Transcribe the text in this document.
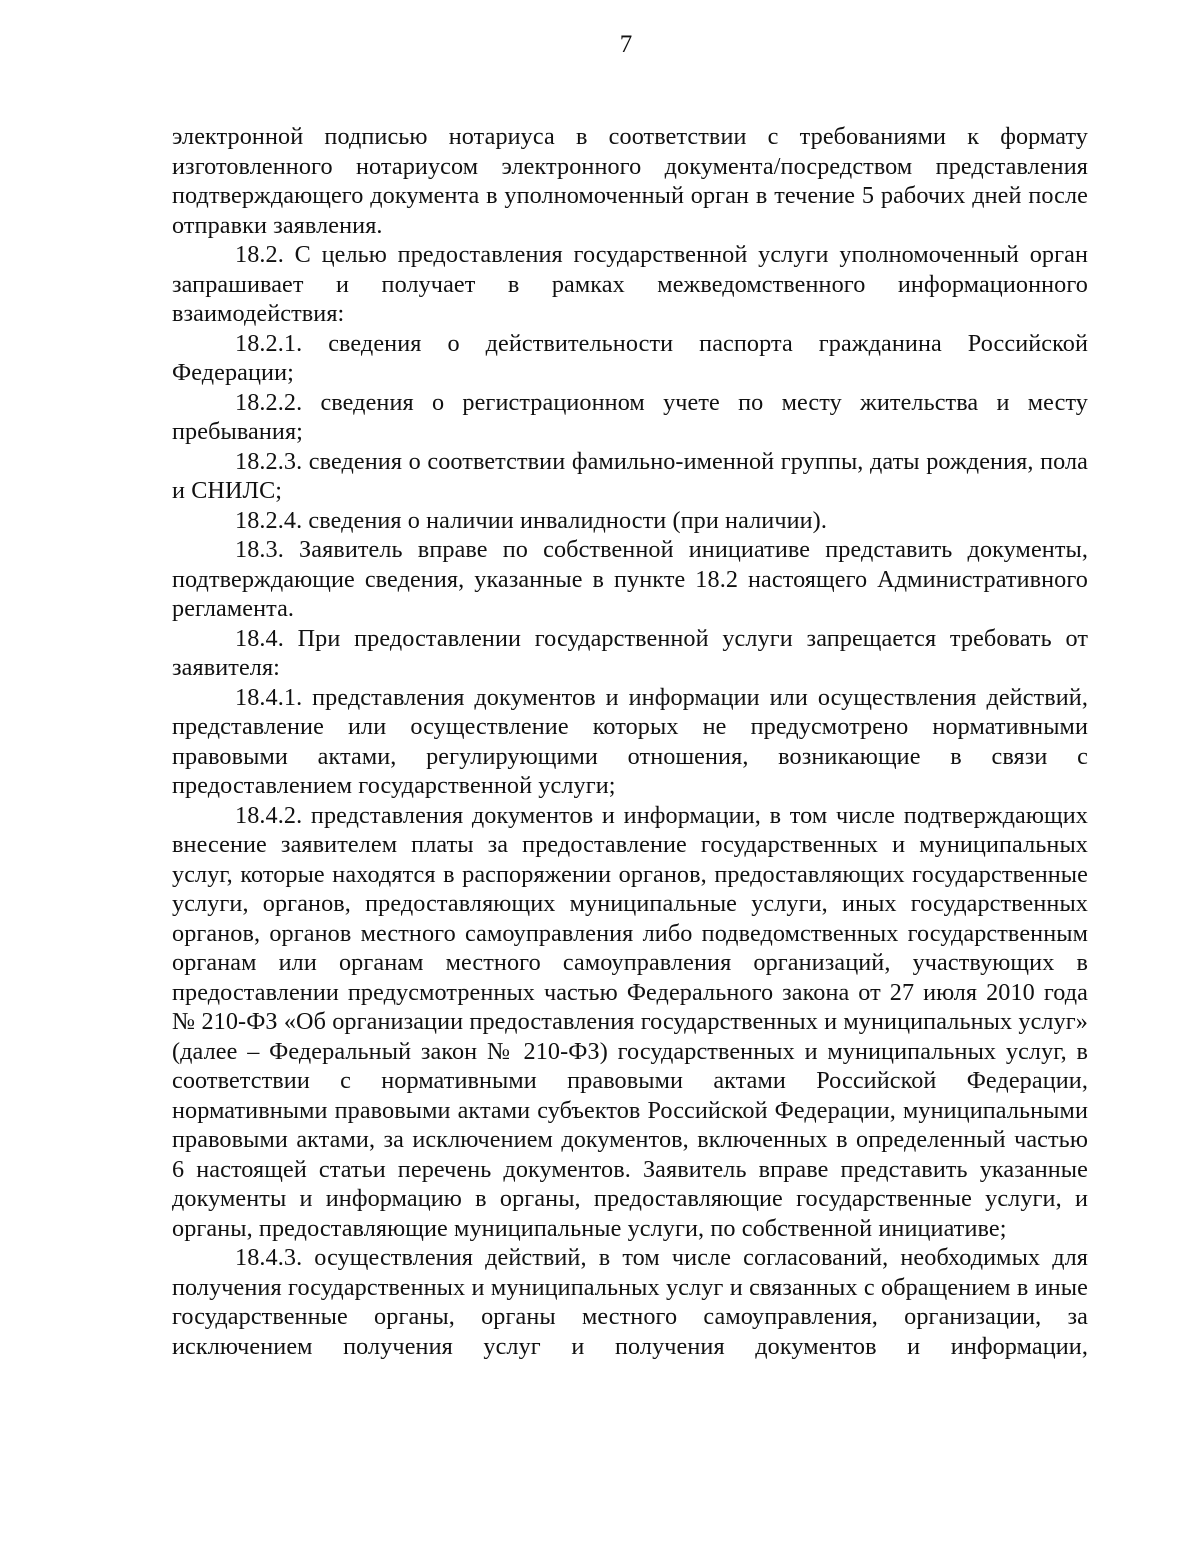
7

электронной подписью нотариуса в соответствии с требованиями к формату изготовленного нотариусом электронного документа/посредством представления подтверждающего документа в уполномоченный орган в течение 5 рабочих дней после отправки заявления.

18.2. С целью предоставления государственной услуги уполномоченный орган запрашивает и получает в рамках межведомственного информационного взаимодействия:

18.2.1. сведения о действительности паспорта гражданина Российской Федерации;

18.2.2. сведения о регистрационном учете по месту жительства и месту пребывания;

18.2.3. сведения о соответствии фамильно-именной группы, даты рождения, пола и СНИЛС;

18.2.4. сведения о наличии инвалидности (при наличии).

18.3. Заявитель вправе по собственной инициативе представить документы, подтверждающие сведения, указанные в пункте 18.2 настоящего Административного регламента.

18.4. При предоставлении государственной услуги запрещается требовать от заявителя:

18.4.1. представления документов и информации или осуществления действий, представление или осуществление которых не предусмотрено нормативными правовыми актами, регулирующими отношения, возникающие в связи с предоставлением государственной услуги;

18.4.2. представления документов и информации, в том числе подтверждающих внесение заявителем платы за предоставление государственных и муниципальных услуг, которые находятся в распоряжении органов, предоставляющих государственные услуги, органов, предоставляющих муниципальные услуги, иных государственных органов, органов местного самоуправления либо подведомственных государственным органам или органам местного самоуправления организаций, участвующих в предоставлении предусмотренных частью Федерального закона от 27 июля 2010 года № 210-ФЗ «Об организации предоставления государственных и муниципальных услуг» (далее – Федеральный закон № 210-ФЗ) государственных и муниципальных услуг, в соответствии с нормативными правовыми актами Российской Федерации, нормативными правовыми актами субъектов Российской Федерации, муниципальными правовыми актами, за исключением документов, включенных в определенный частью 6 настоящей статьи перечень документов. Заявитель вправе представить указанные документы и информацию в органы, предоставляющие государственные услуги, и органы, предоставляющие муниципальные услуги, по собственной инициативе;

18.4.3. осуществления действий, в том числе согласований, необходимых для получения государственных и муниципальных услуг и связанных с обращением в иные государственные органы, органы местного самоуправления, организации, за исключением получения услуг и получения документов и информации,
